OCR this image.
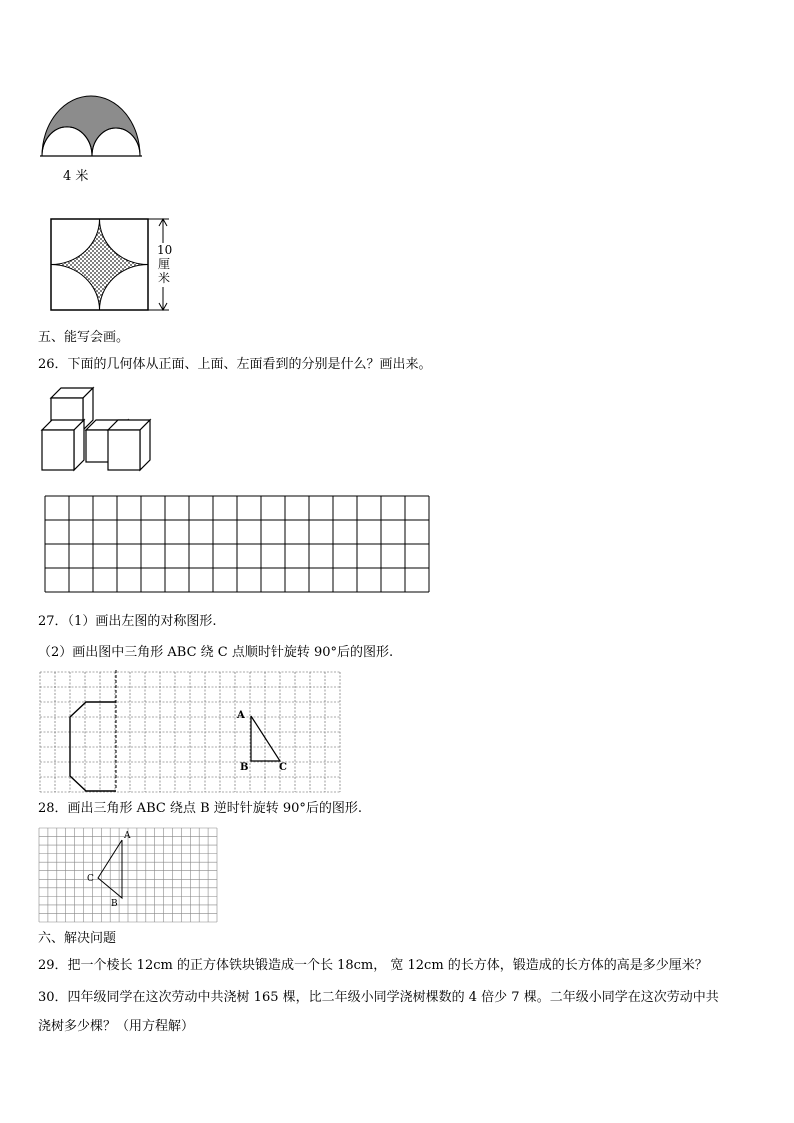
4 米
10
厘
米
五、能写会画。
26．下面的几何体从正面、上面、左面看到的分别是什么？画出来。
27．（1）画出左图的对称图形.
（2）画出图中三角形 ABC 绕 C 点顺时针旋转 90°后的图形.
A
B	C
28．画出三角形 ABC 绕点 B 逆时针旋转 90°后的图形.
A
C
B
六、解决问题
29．把一个棱长 12cm 的正方体铁块锻造成一个长 18cm， 宽 12cm 的长方体，锻造成的长方体的高是多少厘米？
30．四年级同学在这次劳动中共浇树 165 棵，比二年级小同学浇树棵数的 4 倍少 7 棵。二年级小同学在这次劳动中共
浇树多少棵？（用方程解）
